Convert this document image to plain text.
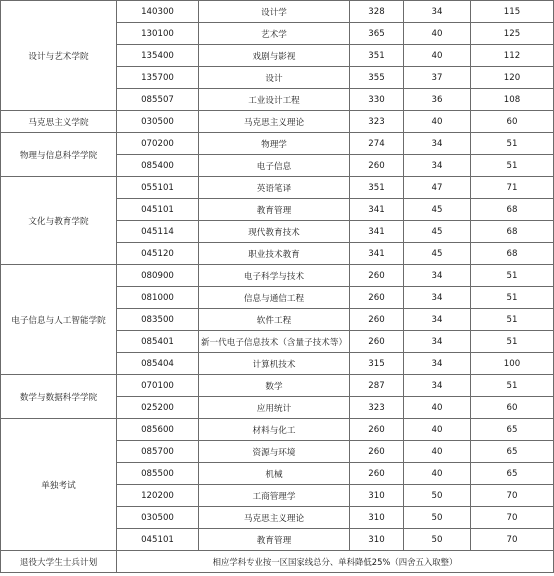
设计与艺术学院	140300	设计学	328	34	115
	130100	艺术学	365	40	125
	135400	戏剧与影视	351	40	112
	135700	设计	355	37	120
	085507	工业设计工程	330	36	108
马克思主义学院	030500	马克思主义理论	323	40	60
物理与信息科学学院	070200	物理学	274	34	51
	085400	电子信息	260	34	51
文化与教育学院	055101	英语笔译	351	47	71
	045101	教育管理	341	45	68
	045114	现代教育技术	341	45	68
	045120	职业技术教育	341	45	68
电子信息与人工智能学院	080900	电子科学与技术	260	34	51
	081000	信息与通信工程	260	34	51
	083500	软件工程	260	34	51
	085401	新一代电子信息技术（含量子技术等）	260	34	51
	085404	计算机技术	315	34	100
数学与数据科学学院	070100	数学	287	34	51
	025200	应用统计	323	40	60
单独考试	085600	材料与化工	260	40	65
	085700	资源与环境	260	40	65
	085500	机械	260	40	65
	120200	工商管理学	310	50	70
	030500	马克思主义理论	310	50	70
	045101	教育管理	310	50	70
退役大学生士兵计划	相应学科专业按一区国家线总分、单科降低25%（四舍五入取整）				
